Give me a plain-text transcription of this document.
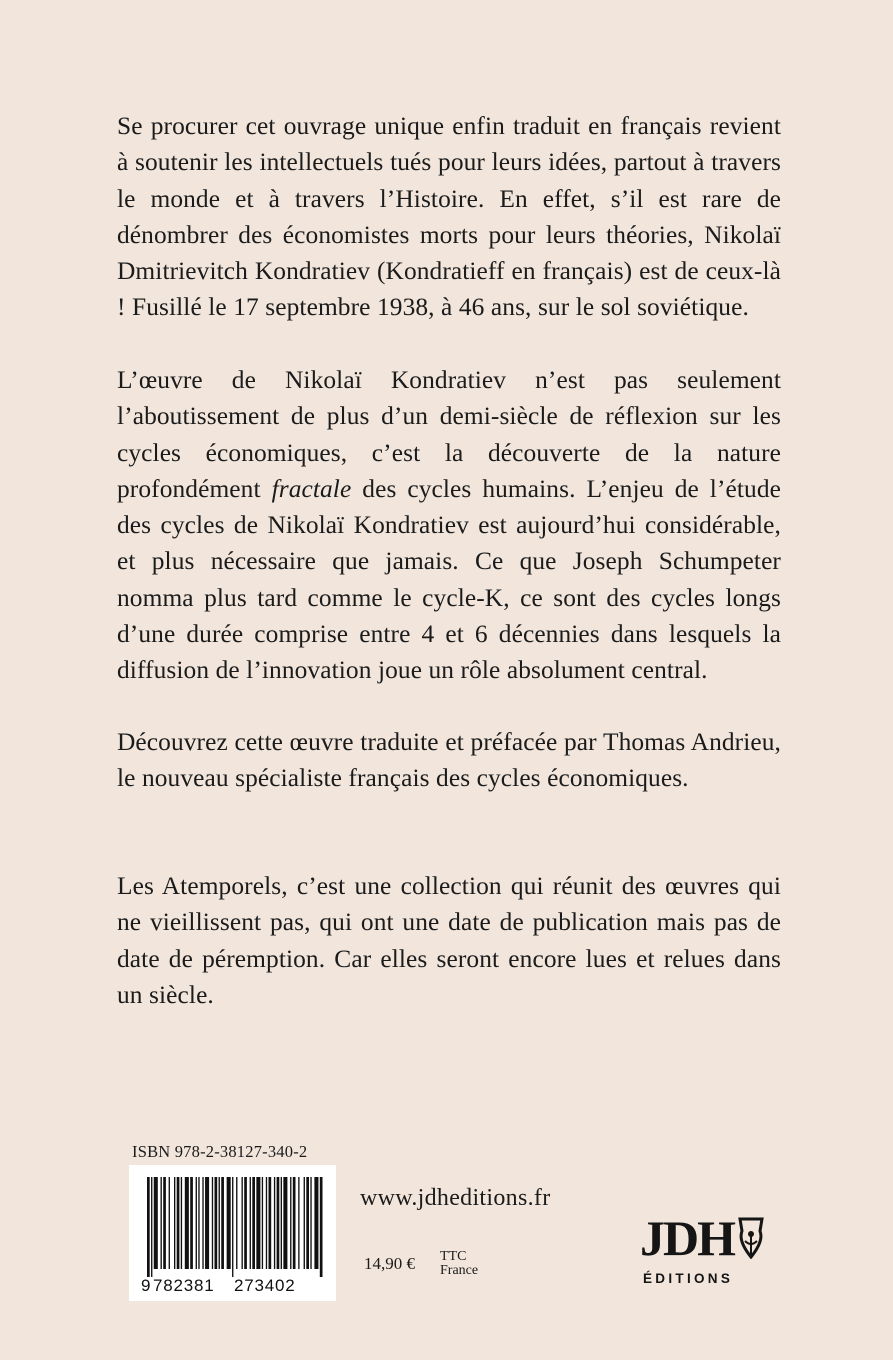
Se procurer cet ouvrage unique enfin traduit en français revient à soutenir les intellectuels tués pour leurs idées, partout à travers le monde et à travers l’Histoire. En effet, s’il est rare de dénombrer des économistes morts pour leurs théories, Nikolaï Dmitrievitch Kondratiev (Kondratieff en français) est de ceux-là ! Fusillé le 17 septembre 1938, à 46 ans, sur le sol soviétique.

L’œuvre de Nikolaï Kondratiev n’est pas seulement l’aboutissement de plus d’un demi-siècle de réflexion sur les cycles économiques, c’est la découverte de la nature profondément fractale des cycles humains. L’enjeu de l’étude des cycles de Nikolaï Kondratiev est aujourd’hui considérable, et plus nécessaire que jamais. Ce que Joseph Schumpeter nomma plus tard comme le cycle-K, ce sont des cycles longs d’une durée comprise entre 4 et 6 décennies dans lesquels la diffusion de l’innovation joue un rôle absolument central.

Découvrez cette œuvre traduite et préfacée par Thomas Andrieu, le nouveau spécialiste français des cycles économiques.

Les Atemporels, c’est une collection qui réunit des œuvres qui ne vieillissent pas, qui ont une date de publication mais pas de date de péremption. Car elles seront encore lues et relues dans un siècle.

ISBN 978-2-38127-340-2
9 782381 273402
www.jdheditions.fr
14,90 € TTC
France
JDH
ÉDITIONS
